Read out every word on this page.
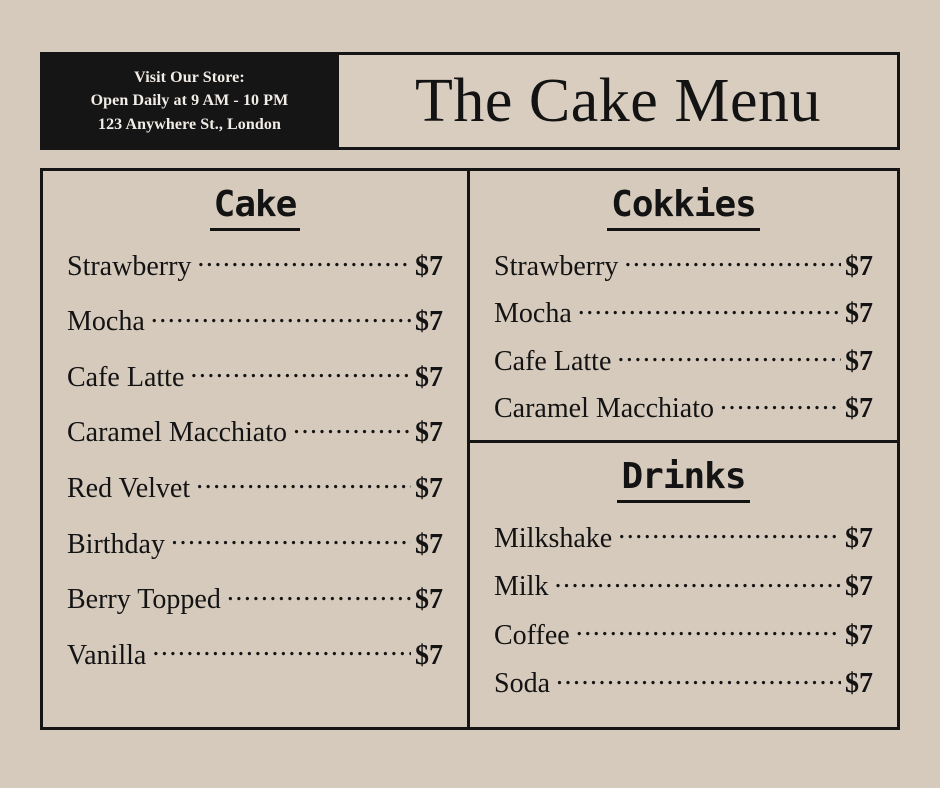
Visit Our Store:
Open Daily at 9 AM - 10 PM
123 Anywhere St., London The Cake Menu
Cake
Strawberry .....	$7
Mocha .....	$7
Cafe Latte .....	$7
Caramel Macchiato .....	$7
Red Velvet .....	$7
Birthday .....	$7
Berry Topped .....	$7
Vanilla .....	$7
Cokkies
Strawberry .....	$7
Mocha .....	$7
Cafe Latte .....	$7
Caramel Macchiato .....	$7
Drinks
Milkshake .....	$7
Milk .....	$7
Coffee .....	$7
Soda .....	$7
